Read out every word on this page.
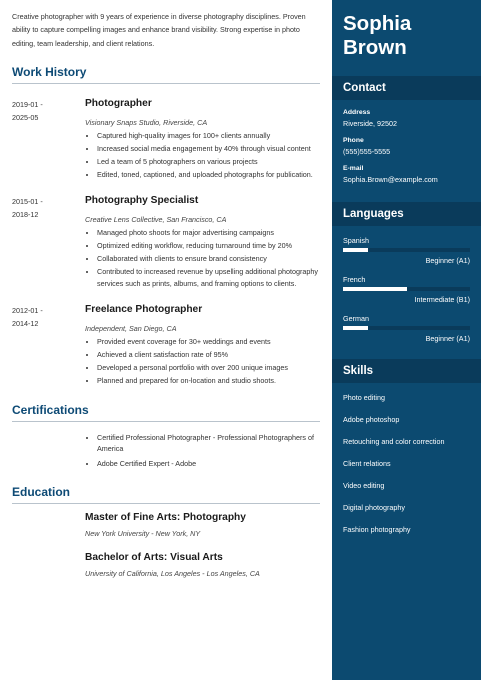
Creative photographer with 9 years of experience in diverse photography disciplines. Proven ability to capture compelling images and enhance brand visibility. Strong expertise in photo editing, team leadership, and client relations.

Work History
2019-01 -
2025-05
Photographer
Visionary Snaps Studio, Riverside, CA
• Captured high-quality images for 100+ clients annually
• Increased social media engagement by 40% through visual content
• Led a team of 5 photographers on various projects
• Edited, toned, captioned, and uploaded photographs for publication.
2015-01 -
2018-12
Photography Specialist
Creative Lens Collective, San Francisco, CA
• Managed photo shoots for major advertising campaigns
• Optimized editing workflow, reducing turnaround time by 20%
• Collaborated with clients to ensure brand consistency
• Contributed to increased revenue by upselling additional photography services such as prints, albums, and framing options to clients.
2012-01 -
2014-12
Freelance Photographer
Independent, San Diego, CA
• Provided event coverage for 30+ weddings and events
• Achieved a client satisfaction rate of 95%
• Developed a personal portfolio with over 200 unique images
• Planned and prepared for on-location and studio shoots.
Certifications
• Certified Professional Photographer - Professional Photographers of America
• Adobe Certified Expert - Adobe
Education
Master of Fine Arts: Photography
New York University - New York, NY
Bachelor of Arts: Visual Arts
University of California, Los Angeles - Los Angeles, CA
Sophia
Brown
Contact
Address
Riverside, 92502
Phone
(555)555-5555
E-mail
Sophia.Brown@example.com
Languages
Spanish
Beginner (A1)
French
Intermediate (B1)
German
Beginner (A1)
Skills
Photo editing
Adobe photoshop
Retouching and color correction
Client relations
Video editing
Digital photography
Fashion photography
